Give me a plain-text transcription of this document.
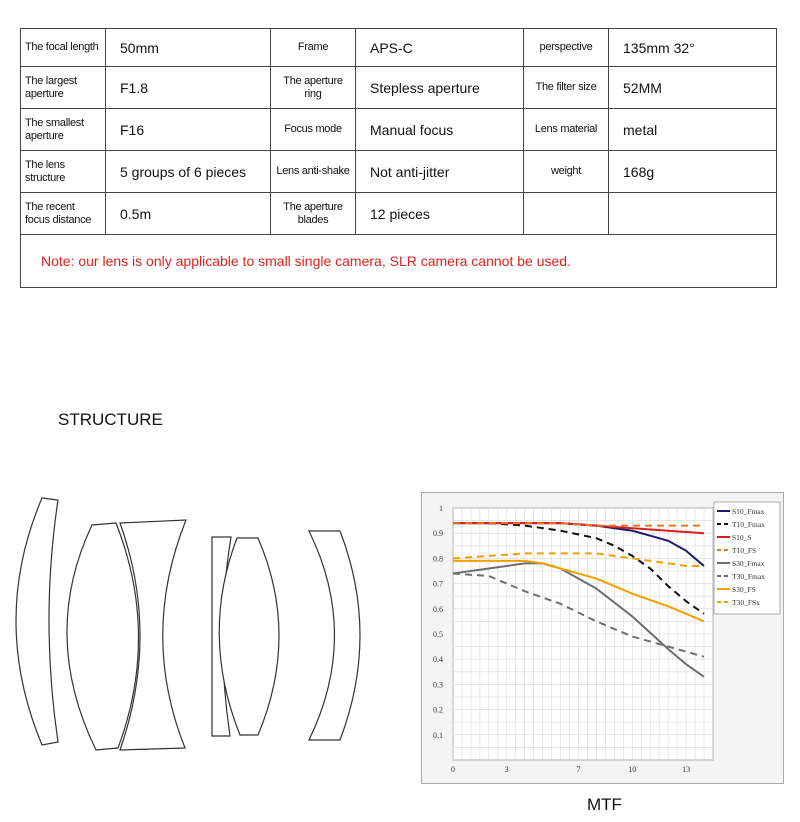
The focal length	50mm	Frame	APS-C	perspective	135mm 32°
The largest aperture	F1.8	The aperture ring	Stepless aperture	The filter size	52MM
The smallest aperture	F16	Focus mode	Manual focus	Lens material	metal
The lens structure	5 groups of 6 pieces	Lens anti-shake	Not anti-jitter	weight	168g
The recent focus distance	0.5m	The aperture blades	12 pieces		
Note: our lens is only applicable to small single camera, SLR camera cannot be used.					
STRUCTURE
0.1
0.2
0.3
0.4
0.5
0.6
0.7
0.8
0.9
1
0	3	7	10	13
S10_Fmax
T10_Fmax
S10_S
T10_FS
S30_Fmax
T30_Fmax
S30_FS
T30_FSx
MTF
